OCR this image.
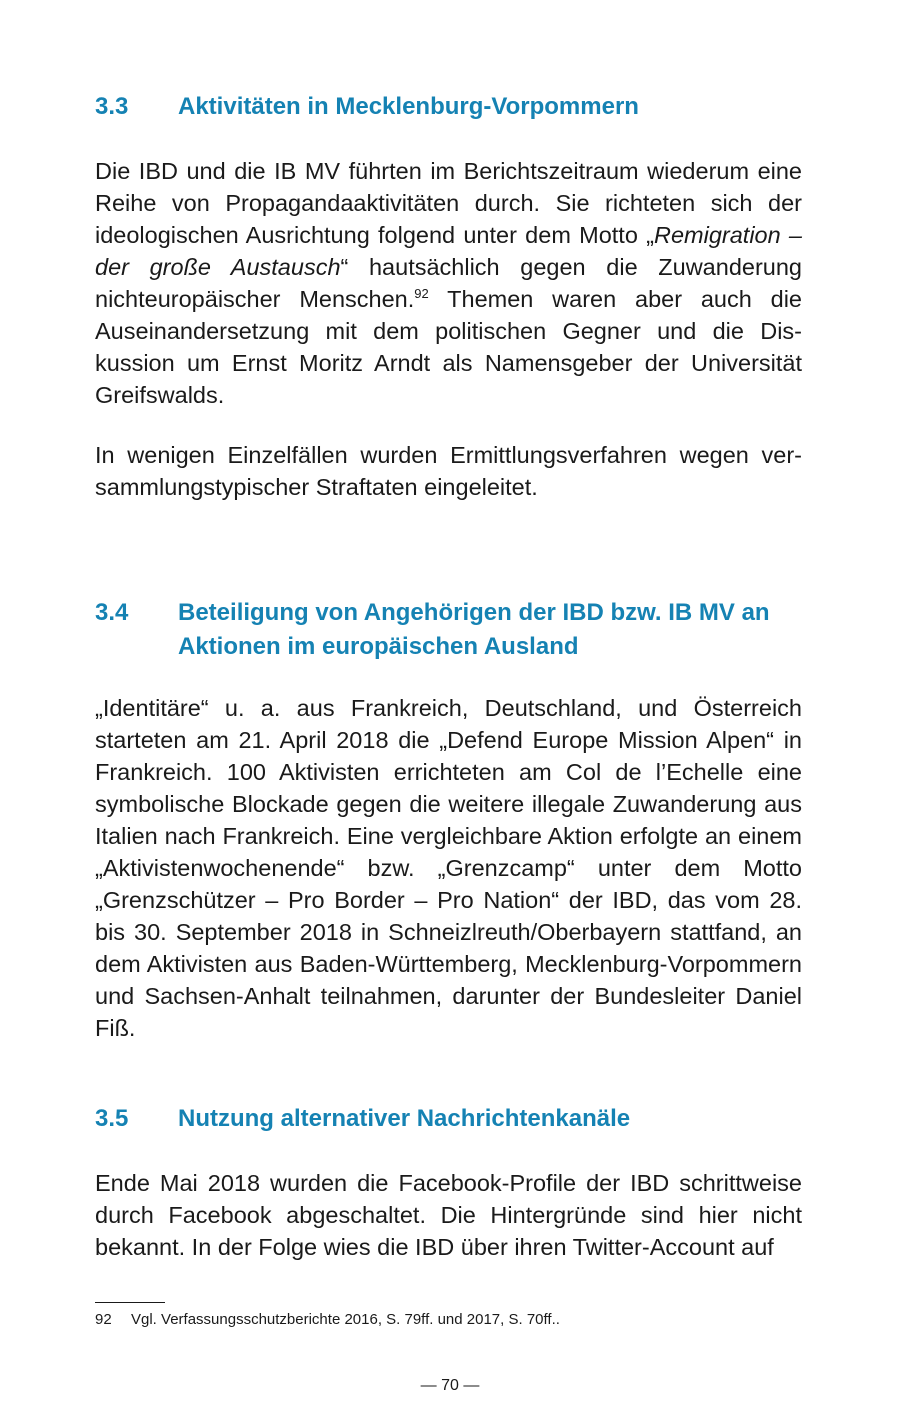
3.3 Aktivitäten in Mecklenburg-Vorpommern

Die IBD und die IB MV führten im Berichtszeitraum wiederum eine Reihe von Propagandaaktivitäten durch. Sie richteten sich der ideologischen Ausrichtung folgend unter dem Motto „Remigration – der große Austausch“ hautsächlich gegen die Zuwanderung nichteuropäischer Menschen.$^{92}$ Themen waren aber auch die Auseinandersetzung mit dem politischen Gegner und die Diskussion um Ernst Moritz Arndt als Namensgeber der Universität Greifswalds.

In wenigen Einzelfällen wurden Ermittlungsverfahren wegen versammlungstypischer Straftaten eingeleitet.

3.4 Beteiligung von Angehörigen der IBD bzw. IB MV an Aktionen im europäischen Ausland

„Identitäre“ u. a. aus Frankreich, Deutschland, und Österreich starteten am 21. April 2018 die „Defend Europe Mission Alpen“ in Frankreich. 100 Aktivisten errichteten am Col de l’Echelle eine symbolische Blockade gegen die weitere illegale Zuwanderung aus Italien nach Frankreich. Eine vergleichbare Aktion erfolgte an einem „Aktivistenwochenende“ bzw. „Grenzcamp“ unter dem Motto „Grenzschützer – Pro Border – Pro Nation“ der IBD, das vom 28. bis 30. September 2018 in Schneizlreuth/Oberbayern stattfand, an dem Aktivisten aus Baden-Württemberg, Mecklenburg-Vorpommern und Sachsen-Anhalt teilnahmen, darunter der Bundesleiter Daniel Fiß.

3.5 Nutzung alternativer Nachrichtenkanäle

Ende Mai 2018 wurden die Facebook-Profile der IBD schrittweise durch Facebook abgeschaltet. Die Hintergründe sind hier nicht bekannt. In der Folge wies die IBD über ihren Twitter-Account auf

92 Vgl. Verfassungsschutzberichte 2016, S. 79ff. und 2017, S. 70ff..
— 70 —
